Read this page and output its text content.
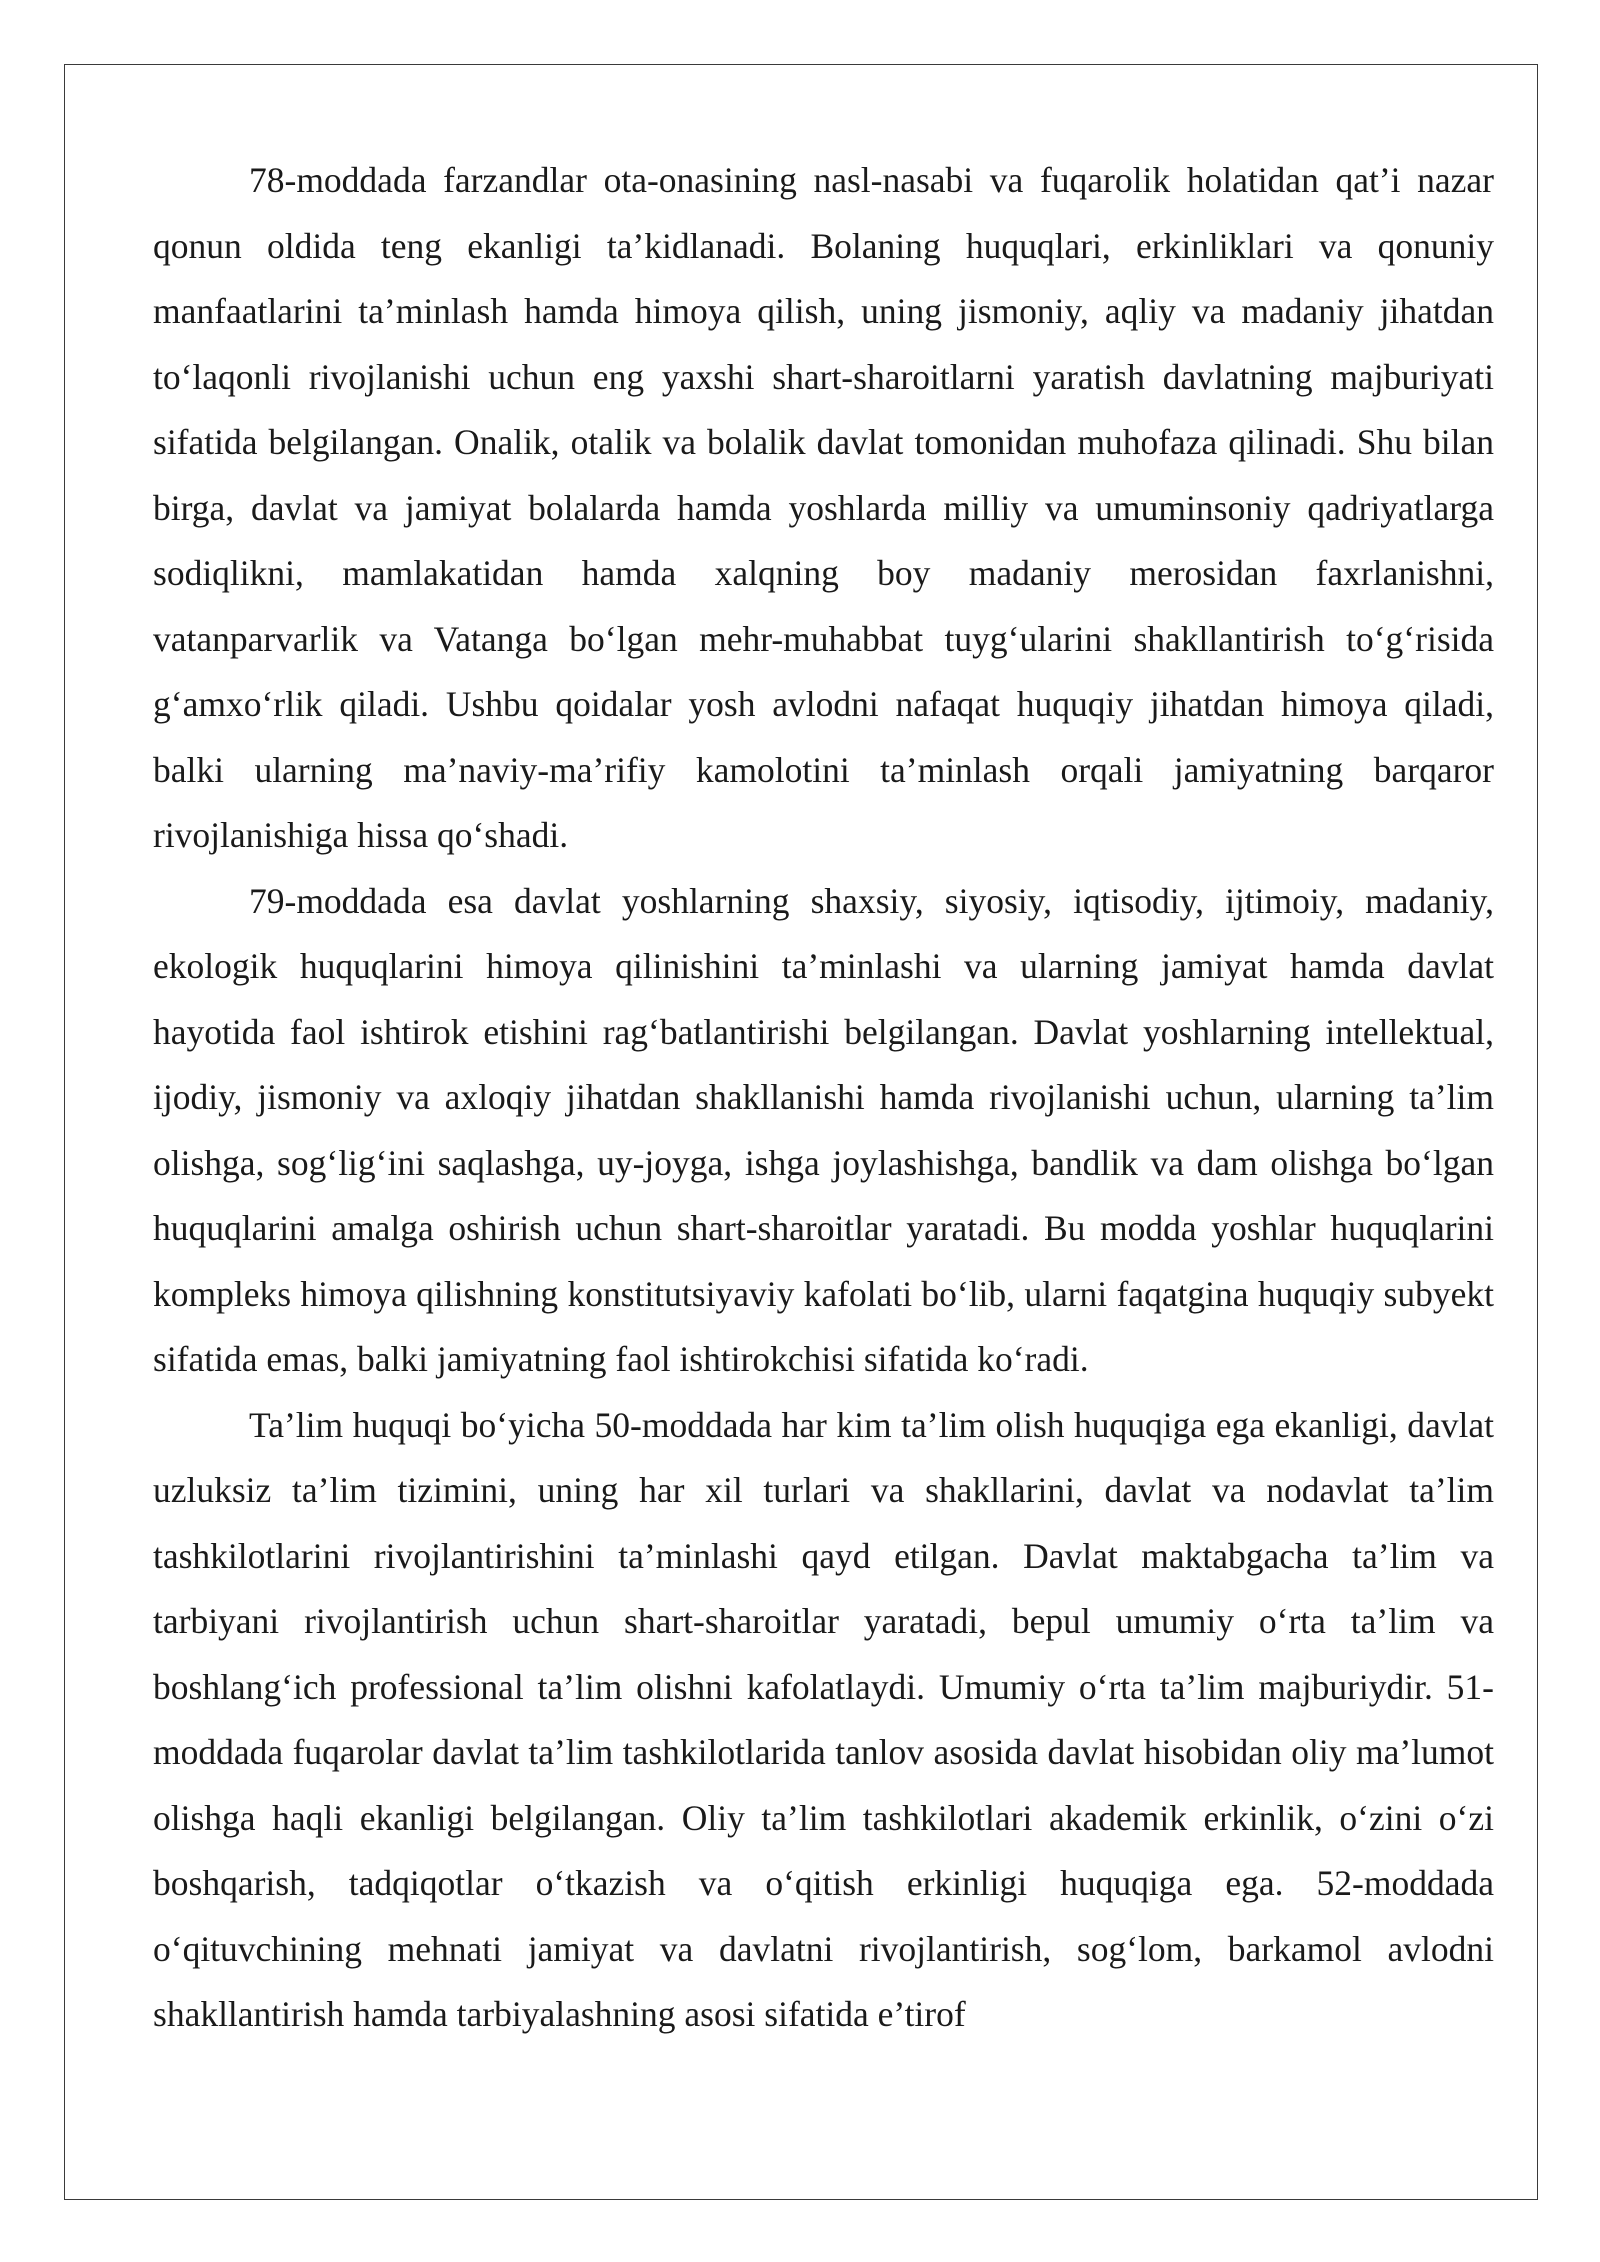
78-moddada farzandlar ota-onasining nasl-nasabi va fuqarolik holatidan qat’i nazar qonun oldida teng ekanligi ta’kidlanadi. Bolaning huquqlari, erkinliklari va qonuniy manfaatlarini ta’minlash hamda himoya qilish, uning jismoniy, aqliy va madaniy jihatdan to‘laqonli rivojlanishi uchun eng yaxshi shart-sharoitlarni yaratish davlatning majburiyati sifatida belgilangan. Onalik, otalik va bolalik davlat tomonidan muhofaza qilinadi. Shu bilan birga, davlat va jamiyat bolalarda hamda yoshlarda milliy va umuminsoniy qadriyatlarga sodiqlikni, mamlakatidan hamda xalqning boy madaniy merosidan faxrlanishni, vatanparvarlik va Vatanga bo‘lgan mehr-muhabbat tuyg‘ularini shakllantirish to‘g‘risida g‘amxo‘rlik qiladi. Ushbu qoidalar yosh avlodni nafaqat huquqiy jihatdan himoya qiladi, balki ularning ma’naviy-ma’rifiy kamolotini ta’minlash orqali jamiyatning barqaror rivojlanishiga hissa qo‘shadi.

79-moddada esa davlat yoshlarning shaxsiy, siyosiy, iqtisodiy, ijtimoiy, madaniy, ekologik huquqlarini himoya qilinishini ta’minlashi va ularning jamiyat hamda davlat hayotida faol ishtirok etishini rag‘batlantirishi belgilangan. Davlat yoshlarning intellektual, ijodiy, jismoniy va axloqiy jihatdan shakllanishi hamda rivojlanishi uchun, ularning ta’lim olishga, sog‘lig‘ini saqlashga, uy-joyga, ishga joylashishga, bandlik va dam olishga bo‘lgan huquqlarini amalga oshirish uchun shart-sharoitlar yaratadi. Bu modda yoshlar huquqlarini kompleks himoya qilishning konstitutsiyaviy kafolati bo‘lib, ularni faqatgina huquqiy subyekt sifatida emas, balki jamiyatning faol ishtirokchisi sifatida ko‘radi.

Ta’lim huquqi bo‘yicha 50-moddada har kim ta’lim olish huquqiga ega ekanligi, davlat uzluksiz ta’lim tizimini, uning har xil turlari va shakllarini, davlat va nodavlat ta’lim tashkilotlarini rivojlantirishini ta’minlashi qayd etilgan. Davlat maktabgacha ta’lim va tarbiyani rivojlantirish uchun shart-sharoitlar yaratadi, bepul umumiy o‘rta ta’lim va boshlang‘ich professional ta’lim olishni kafolatlaydi. Umumiy o‘rta ta’lim majburiydir. 51-moddada fuqarolar davlat ta’lim tashkilotlarida tanlov asosida davlat hisobidan oliy ma’lumot olishga haqli ekanligi belgilangan. Oliy ta’lim tashkilotlari akademik erkinlik, o‘zini o‘zi boshqarish, tadqiqotlar o‘tkazish va o‘qitish erkinligi huquqiga ega. 52-moddada o‘qituvchining mehnati jamiyat va davlatni rivojlantirish, sog‘lom, barkamol avlodni shakllantirish hamda tarbiyalashning asosi sifatida e’tirof
